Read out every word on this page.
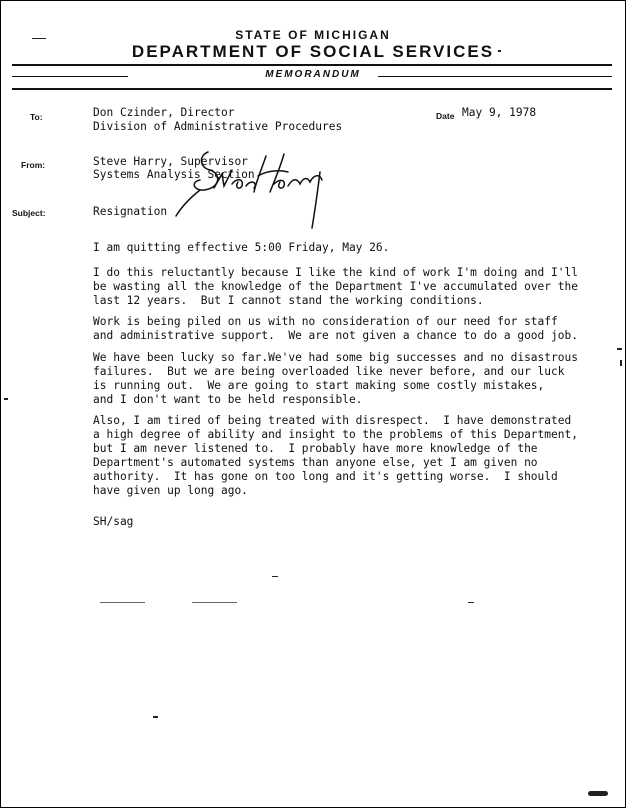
STATE OF MICHIGAN
DEPARTMENT OF SOCIAL SERVICES
MEMORANDUM
To:	Don Czinder, Director
Division of Administrative Procedures
Date May 9, 1978
From:	Steve Harry, Supervisor
Systems Analysis Section
Subject:	Resignation
I am quitting effective 5:00 Friday, May 26.
I do this reluctantly because I like the kind of work I'm doing and I'll
be wasting all the knowledge of the Department I've accumulated over the
last 12 years.  But I cannot stand the working conditions.
Work is being piled on us with no consideration of our need for staff
and administrative support.  We are not given a chance to do a good job.
We have been lucky so far.We've had some big successes and no disastrous
failures.  But we are being overloaded like never before, and our luck
is running out.  We are going to start making some costly mistakes,
and I don't want to be held responsible.
Also, I am tired of being treated with disrespect.  I have demonstrated
a high degree of ability and insight to the problems of this Department,
but I am never listened to.  I probably have more knowledge of the
Department's automated systems than anyone else, yet I am given no
authority.  It has gone on too long and it's getting worse.  I should
have given up long ago.
SH/sag
